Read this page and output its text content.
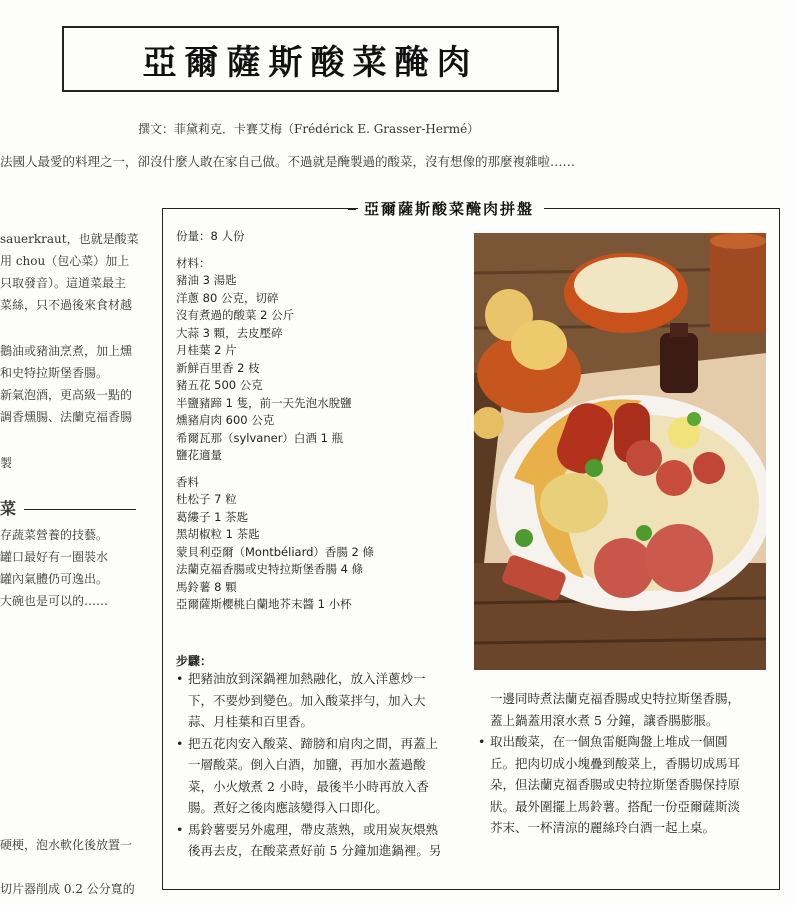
亞爾薩斯酸菜醃肉
撰文：菲黛莉克．卡賽艾梅（Frédérick E. Grasser-Hermé）
法國人最愛的料理之一，卻沒什麼人敢在家自己做。不過就是醃製過的酸菜，沒有想像的那麼複雜啦……
sauerkraut，也就是酸菜
用 chou（包心菜）加上
只取發音）。這道菜最主
菜絲，只不過後來食材越
鵝油或豬油烹煮，加上燻
和史特拉斯堡香腸。
新氣泡酒，更高級一點的
調香燻腸、法蘭克福香腸
製
菜
存蔬菜營養的技藝。
罐口最好有一圈裝水
罐內氣體仍可逸出。
大碗也是可以的……
硬梗，泡水軟化後放置一
切片器削成 0.2 公分寬的
亞爾薩斯酸菜醃肉拼盤
份量：8 人份
材料：
豬油 3 湯匙
洋蔥 80 公克，切碎
沒有煮過的酸菜 2 公斤
大蒜 3 顆，去皮壓碎
月桂葉 2 片
新鮮百里香 2 枝
豬五花 500 公克
半鹽豬蹄 1 隻，前一天先泡水脫鹽
燻豬肩肉 600 公克
希爾瓦那（sylvaner）白酒 1 瓶
鹽花適量
香料
杜松子 7 粒
葛縷子 1 茶匙
黑胡椒粒 1 茶匙
蒙貝利亞爾（Montbéliard）香腸 2 條
法蘭克福香腸或史特拉斯堡香腸 4 條
馬鈴薯 8 顆
亞爾薩斯櫻桃白蘭地芥末醬 1 小杯
步驟：
• 把豬油放到深鍋裡加熱融化，放入洋蔥炒一
下，不要炒到變色。加入酸菜拌勻，加入大
蒜、月桂葉和百里香。
• 把五花肉安入酸菜、蹄膀和肩肉之間，再蓋上
一層酸菜。倒入白酒，加鹽，再加水蓋過酸
菜，小火燉煮 2 小時，最後半小時再放入香
腸。煮好之後肉應該變得入口即化。
• 馬鈴薯要另外處理，帶皮蒸熟，或用炭灰煨熟
後再去皮，在酸菜煮好前 5 分鐘加進鍋裡。另
一邊同時煮法蘭克福香腸或史特拉斯堡香腸，
蓋上鍋蓋用滾水煮 5 分鐘，讓香腸膨脹。
• 取出酸菜，在一個魚雷艇陶盤上堆成一個圓
丘。把肉切成小塊疊到酸菜上，香腸切成馬耳
朵，但法蘭克福香腸或史特拉斯堡香腸保持原
狀。最外圍擺上馬鈴薯。搭配一份亞爾薩斯淡
芥末、一杯清涼的麗絲玲白酒一起上桌。
